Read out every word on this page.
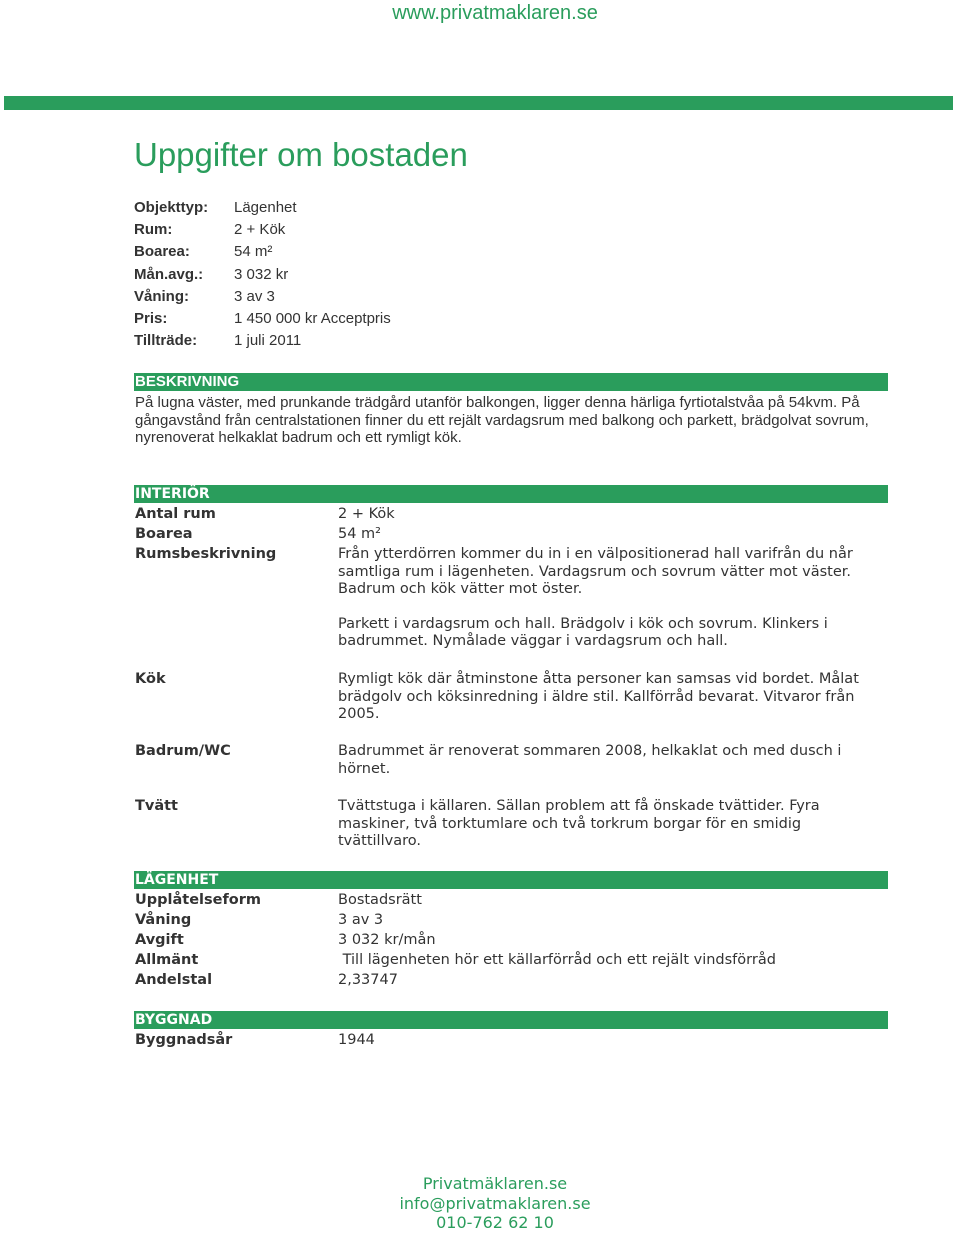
www.privatmaklaren.se
Uppgifter om bostaden
Objekttyp: Lägenhet
Rum:	2 + Kök
Boarea:	54 m²
Mån.avg.: 3 032 kr
Våning:	3 av 3
Pris:	1 450 000 kr Acceptpris
Tillträde: 1 juli 2011
BESKRIVNING

På lugna väster, med prunkande trädgård utanför balkongen, ligger denna härliga fyrtiotalstvåa på 54kvm. På gångavstånd från centralstationen finner du ett rejält vardagsrum med balkong och parkett, brädgolvat sovrum, nyrenoverat helkaklat badrum och ett rymligt kök.

INTERIÖR
Antal rum	2 + Kök
Boarea	54 m²
Rumsbeskrivning	Från ytterdörren kommer du in i en välpositionerad hall varifrån du når samtliga rum i lägenheten. Vardagsrum och sovrum vätter mot väster. Badrum och kök vätter mot öster.

Parkett i vardagsrum och hall. Brädgolv i kök och sovrum. Klinkers i badrummet. Nymålade väggar i vardagsrum och hall.

Kök	Rymligt kök där åtminstone åtta personer kan samsas vid bordet. Målat brädgolv och köksinredning i äldre stil. Kallförråd bevarat. Vitvaror från 2005.
Badrum/WC	Badrummet är renoverat sommaren 2008, helkaklat och med dusch i hörnet.
Tvätt	Tvättstuga i källaren. Sällan problem att få önskade tvättider. Fyra maskiner, två torktumlare och två torkrum borgar för en smidig tvättillvaro.
LÄGENHET
Upplåtelseform	Bostadsrätt
Våning	3 av 3
Avgift	3 032 kr/mån
Allmänt	Till lägenheten hör ett källarförråd och ett rejält vindsförråd
Andelstal	2,33747
BYGGNAD
Byggnadsår	1944
Privatmäklaren.se
info@privatmaklaren.se
010-762 62 10
